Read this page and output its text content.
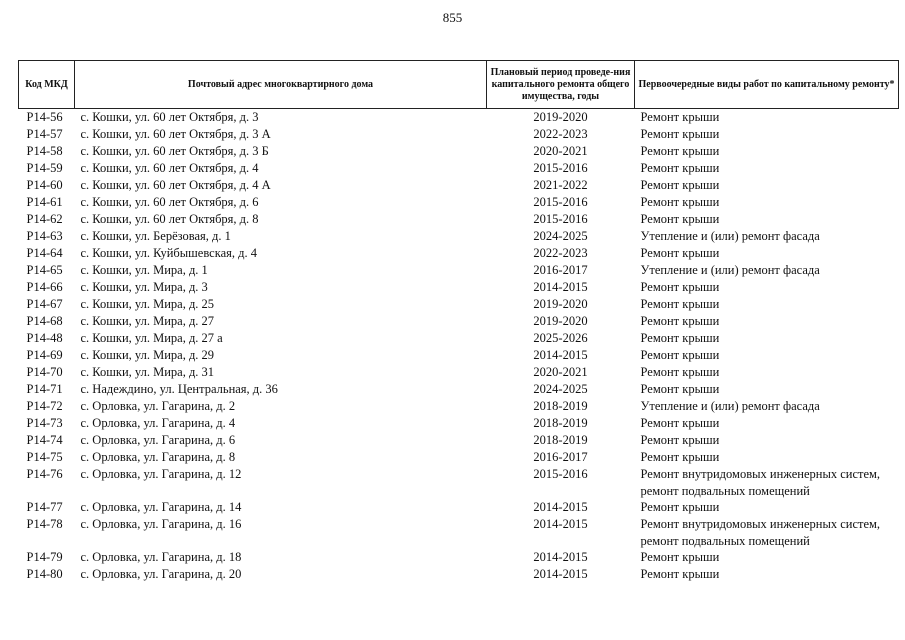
855
Код МКД	Почтовый адрес многоквартирного дома	Плановый период проведе-ния капитального ремонта общего имущества, годы	Первоочередные виды работ по капитальному ремонту*
P14-56	с. Кошки, ул. 60 лет Октября, д. 3	2019-2020	Ремонт крыши
P14-57	с. Кошки, ул. 60 лет Октября, д. 3 А	2022-2023	Ремонт крыши
P14-58	с. Кошки, ул. 60 лет Октября, д. 3 Б	2020-2021	Ремонт крыши
P14-59	с. Кошки, ул. 60 лет Октября, д. 4	2015-2016	Ремонт крыши
P14-60	с. Кошки, ул. 60 лет Октября, д. 4 А	2021-2022	Ремонт крыши
P14-61	с. Кошки, ул. 60 лет Октября, д. 6	2015-2016	Ремонт крыши
P14-62	с. Кошки, ул. 60 лет Октября, д. 8	2015-2016	Ремонт крыши
P14-63	с. Кошки, ул. Берёзовая, д. 1	2024-2025	Утепление и (или) ремонт фасада
P14-64	с. Кошки, ул. Куйбышевская, д. 4	2022-2023	Ремонт крыши
P14-65	с. Кошки, ул. Мира, д. 1	2016-2017	Утепление и (или) ремонт фасада
P14-66	с. Кошки, ул. Мира, д. 3	2014-2015	Ремонт крыши
P14-67	с. Кошки, ул. Мира, д. 25	2019-2020	Ремонт крыши
P14-68	с. Кошки, ул. Мира, д. 27	2019-2020	Ремонт крыши
P14-48	с. Кошки, ул. Мира, д. 27 а	2025-2026	Ремонт крыши
P14-69	с. Кошки, ул. Мира, д. 29	2014-2015	Ремонт крыши
P14-70	с. Кошки, ул. Мира, д. 31	2020-2021	Ремонт крыши
P14-71	с. Надеждино, ул. Центральная, д. 36	2024-2025	Ремонт крыши
P14-72	с. Орловка, ул. Гагарина, д. 2	2018-2019	Утепление и (или) ремонт фасада
P14-73	с. Орловка, ул. Гагарина, д. 4	2018-2019	Ремонт крыши
P14-74	с. Орловка, ул. Гагарина, д. 6	2018-2019	Ремонт крыши
P14-75	с. Орловка, ул. Гагарина, д. 8	2016-2017	Ремонт крыши
P14-76	с. Орловка, ул. Гагарина, д. 12	2015-2016	Ремонт внутридомовых инженерных систем, ремонт подвальных помещений
P14-77	с. Орловка, ул. Гагарина, д. 14	2014-2015	Ремонт крыши
P14-78	с. Орловка, ул. Гагарина, д. 16	2014-2015	Ремонт внутридомовых инженерных систем, ремонт подвальных помещений
P14-79	с. Орловка, ул. Гагарина, д. 18	2014-2015	Ремонт крыши
P14-80	с. Орловка, ул. Гагарина, д. 20	2014-2015	Ремонт крыши
